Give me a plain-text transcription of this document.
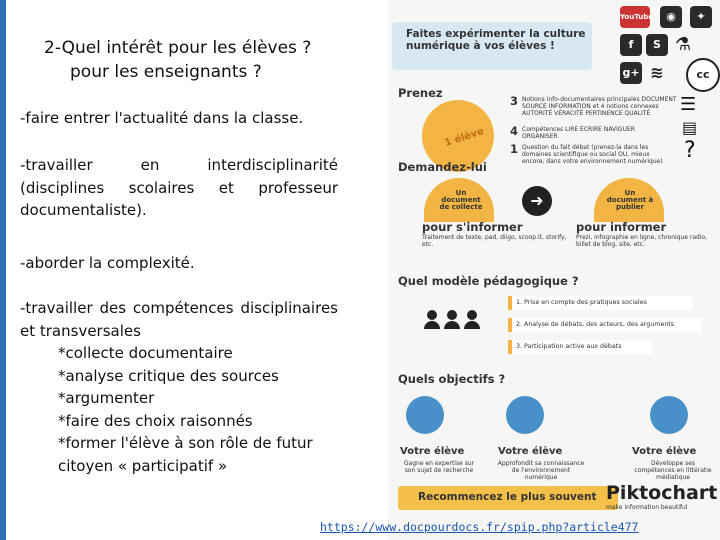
2-Quel intérêt pour les élèves ?
pour les enseignants ?
-faire entrer l'actualité dans la classe.
-travailler en interdisciplinarité (disciplines scolaires et professeur documentaliste).
-aborder la complexité.
-travailler des compétences disciplinaires et transversales
*collecte documentaire
*analyse critique des sources
*argumenter
*faire des choix raisonnés
*former l'élève à son rôle de futur citoyen « participatif »
Faites expérimenter la culture numérique à vos élèves !
YouTube	◉	✦
f	S ⚗
g+ ≋	cc
Prenez
1 élève
3 Notions info-documentaires principales DOCUMENT SOURCE INFORMATION et 4 notions connexes AUTORITÉ VÉRACITÉ PERTINENCE QUALITÉ
4 Compétences LIRE ÉCRIRE NAVIGUER ORGANISER
1 Question du fait débat (prenez-la dans les domaines scientifique ou social OU, mieux encore, dans votre environnement numérique)
☰
▤
?
Demandez-lui
Un document de collecte	➜	Un document à publier
pour s'informer
Traitement de texte, pad, diigo, scoop.it, storify, etc.
pour informer
Prezi, infographie en ligne, chronique radio, billet de blog, site, etc.
Quel modèle pédagogique ?
1. Prise en compte des pratiques sociales
2. Analyse de débats, des acteurs, des arguments
3. Participation active aux débats
Quels objectifs ?
Votre élève
Gagne en expertise sur son sujet de recherche
Votre élève
Approfondit sa connaissance de l'environnement numérique
Votre élève
Développe ses compétences en littératie médiatique
Recommencez le plus souvent Piktochart
make information beautiful
https://www.docpourdocs.fr/spip.php?article477
